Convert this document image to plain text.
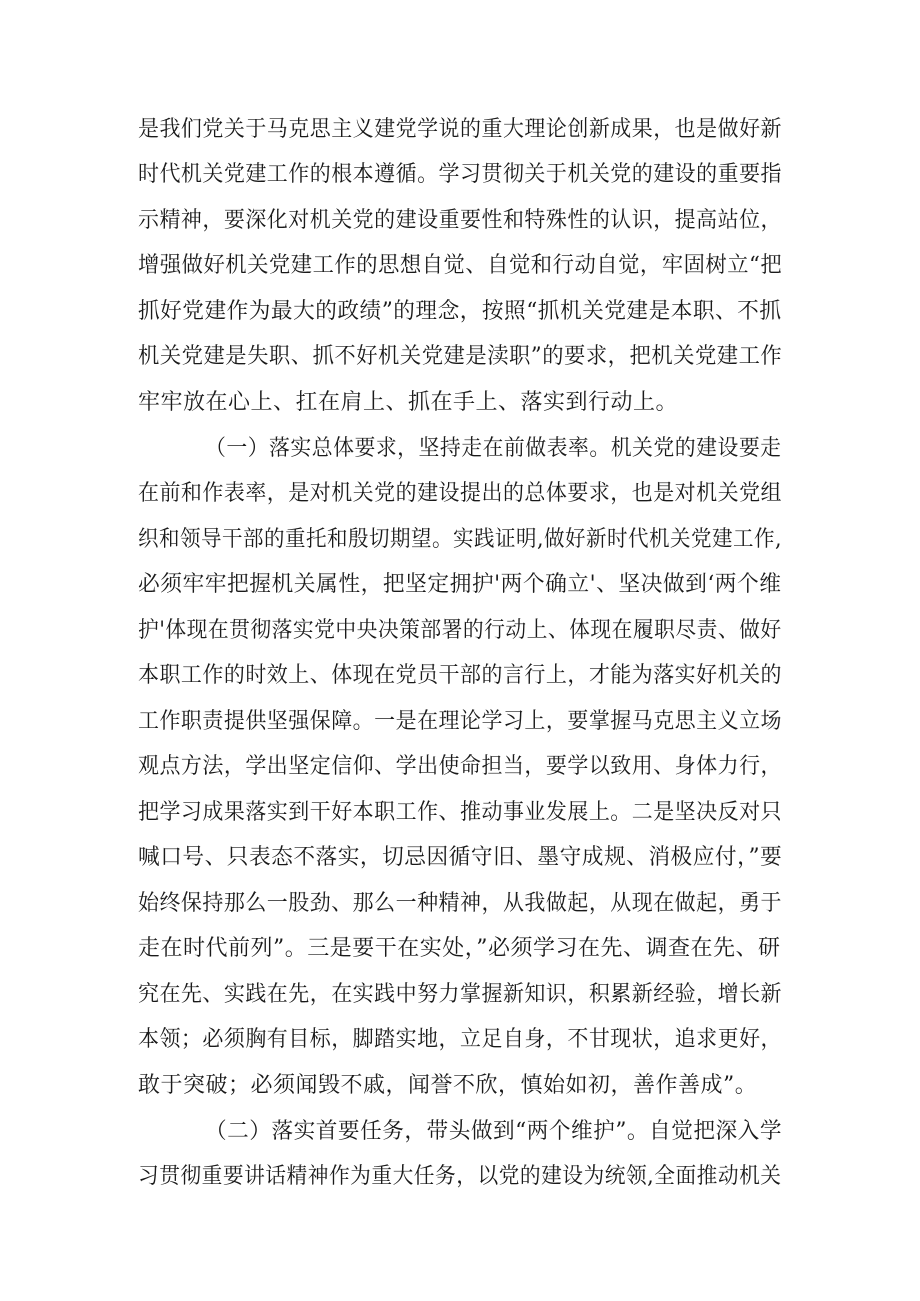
是我们党关于马克思主义建党学说的重大理论创新成果，也是做好新
时代机关党建工作的根本遵循。学习贯彻关于机关党的建设的重要指
示精神，要深化对机关党的建设重要性和特殊性的认识，提高站位，
增强做好机关党建工作的思想自觉、自觉和行动自觉，牢固树立“把
抓好党建作为最大的政绩”的理念，按照“抓机关党建是本职、不抓
机关党建是失职、抓不好机关党建是渎职”的要求，把机关党建工作
牢牢放在心上、扛在肩上、抓在手上、落实到行动上。
（一）落实总体要求，坚持走在前做表率。机关党的建设要走
在前和作表率，是对机关党的建设提出的总体要求，也是对机关党组
织和领导干部的重托和殷切期望。实践证明,做好新时代机关党建工作,
必须牢牢把握机关属性，把坚定拥护'两个确立'、坚决做到‘两个维
护'体现在贯彻落实党中央决策部署的行动上、体现在履职尽责、做好
本职工作的时效上、体现在党员干部的言行上，才能为落实好机关的
工作职责提供坚强保障。一是在理论学习上，要掌握马克思主义立场
观点方法，学出坚定信仰、学出使命担当，要学以致用、身体力行，
把学习成果落实到干好本职工作、推动事业发展上。二是坚决反对只
喊口号、只表态不落实，切忌因循守旧、墨守成规、消极应付，”要
始终保持那么一股劲、那么一种精神，从我做起，从现在做起，勇于
走在时代前列”。三是要干在实处，”必须学习在先、调查在先、研
究在先、实践在先，在实践中努力掌握新知识，积累新经验，增长新
本领；必须胸有目标，脚踏实地，立足自身，不甘现状，追求更好，
敢于突破；必须闻毁不戚，闻誉不欣，慎始如初，善作善成”。
（二）落实首要任务，带头做到“两个维护”。自觉把深入学
习贯彻重要讲话精神作为重大任务，以党的建设为统领,全面推动机关
